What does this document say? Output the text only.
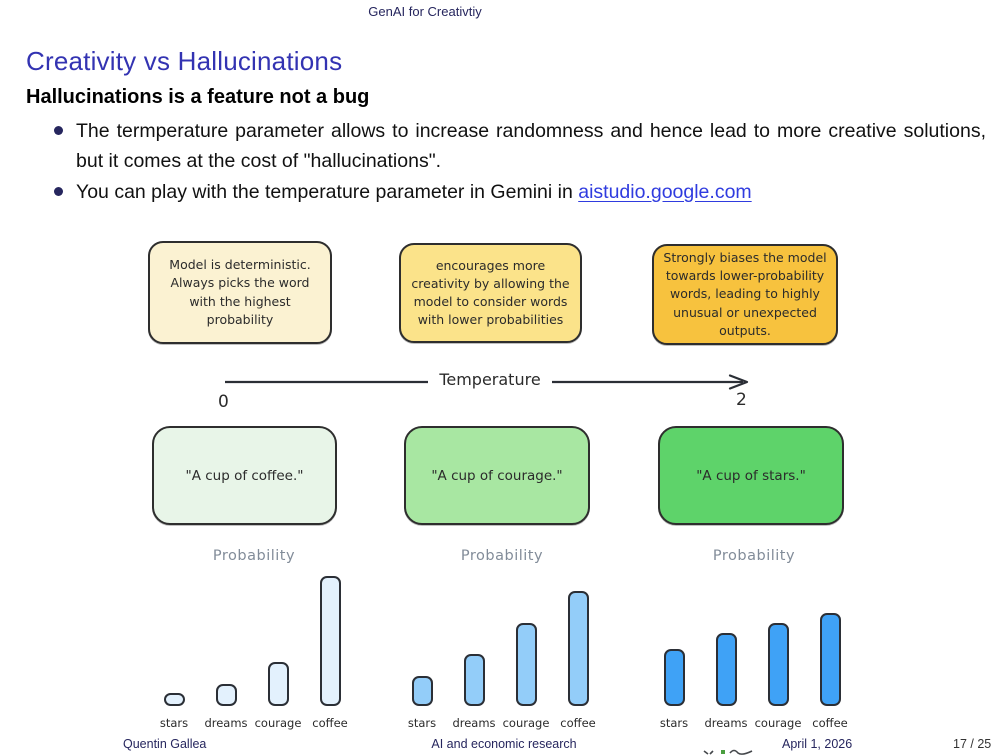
GenAI for Creativtiy
Creativity vs Hallucinations
Hallucinations is a feature not a bug
The termperature parameter allows to increase randomness and hence lead to more creative solutions, but it comes at the cost of "hallucinations".
You can play with the temperature parameter in Gemini in aistudio.google.com
Model is deterministic. Always picks the word with the highest probability
encourages more creativity by allowing the model to consider words with lower probabilities
Strongly biases the model towards lower-probability words, leading to highly unusual or unexpected outputs.
Temperature
0	2
"A cup of coffee."	"A cup of courage."	"A cup of stars."
Probability
stars	dreams courage coffee
Probability
stars	dreams courage coffee
Probability
stars	dreams courage coffee
Quentin Gallea	AI and economic research	April 1, 2026	17 / 25
